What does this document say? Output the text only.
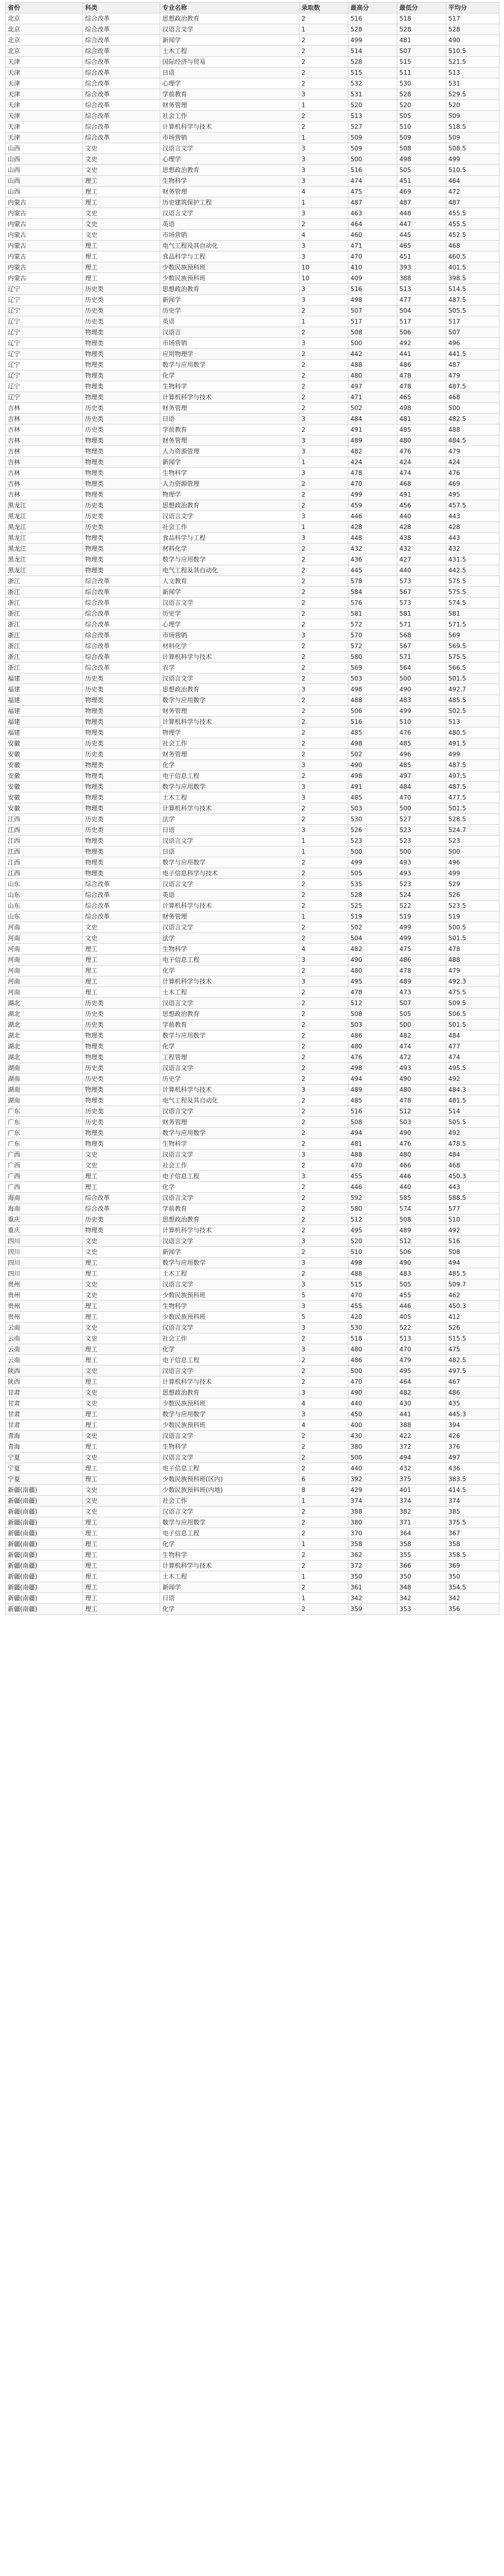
省份	科类	专业名称	录取数	最高分	最低分	平均分
北京	综合改革	思想政治教育	2	516	518	517
北京	综合改革	汉语言文学	1	528	528	528
北京	综合改革	新闻学	2	499	481	490
北京	综合改革	土木工程	2	514	507	510.5
天津	综合改革	国际经济与贸易	2	528	515	521.5
天津	综合改革	日语	2	515	511	513
天津	综合改革	心理学	2	532	530	531
天津	综合改革	学前教育	3	531	528	529.5
天津	综合改革	财务管理	1	520	520	520
天津	综合改革	社会工作	2	513	505	509
天津	综合改革	计算机科学与技术	2	527	510	518.5
天津	综合改革	市场营销	1	509	509	509
山西	文史	汉语言文学	3	509	508	508.5
山西	文史	心理学	3	500	498	499
山西	文史	思想政治教育	3	516	505	510.5
山西	理工	生物科学	3	474	451	464
山西	理工	财务管理	4	475	469	472
内蒙古	理工	历史建筑保护工程	1	487	487	487
内蒙古	文史	汉语言文学	3	463	448	455.5
内蒙古	文史	英语	2	464	447	455.5
内蒙古	文史	市场营销	4	460	445	452.5
内蒙古	理工	电气工程及其自动化	3	471	465	468
内蒙古	理工	食品科学与工程	3	470	451	460.5
内蒙古	理工	少数民族预科班	10	410	393	401.5
内蒙古	理工	少数民族预科班	10	409	388	398.5
辽宁	历史类	思想政治教育	3	516	513	514.5
辽宁	历史类	新闻学	3	498	477	487.5
辽宁	历史类	历史学	2	507	504	505.5
辽宁	历史类	英语	1	517	517	517
辽宁	物理类	汉语言	2	508	506	507
辽宁	物理类	市场营销	3	500	492	496
辽宁	物理类	应用物理学	2	442	441	441.5
辽宁	物理类	数学与应用数学	2	488	486	487
辽宁	物理类	化学	2	480	478	479
辽宁	物理类	生物科学	2	497	478	487.5
辽宁	物理类	计算机科学与技术	2	471	465	468
吉林	历史类	财务管理	2	502	498	500
吉林	历史类	日语	3	484	481	482.5
吉林	历史类	学前教育	2	491	485	488
吉林	物理类	财务管理	3	489	480	484.5
吉林	物理类	人力资源管理	3	482	476	479
吉林	物理类	新闻学	1	424	424	424
吉林	物理类	生物科学	3	478	474	476
吉林	物理类	人力资源管理	2	470	468	469
吉林	物理类	物理学	2	499	491	495
黑龙江	历史类	思想政治教育	2	459	456	457.5
黑龙江	历史类	汉语言文学	3	446	440	443
黑龙江	历史类	社会工作	1	428	428	428
黑龙江	物理类	食品科学与工程	3	448	438	443
黑龙江	物理类	材料化学	2	432	432	432
黑龙江	物理类	数学与应用数学	2	436	427	431.5
黑龙江	物理类	电气工程及其自动化	2	445	440	442.5
浙江	综合改革	人文教育	2	578	573	575.5
浙江	综合改革	新闻学	2	584	567	575.5
浙江	综合改革	汉语言文学	2	576	573	574.5
浙江	综合改革	历史学	2	581	581	581
浙江	综合改革	心理学	2	572	571	571.5
浙江	综合改革	市场营销	3	570	568	569
浙江	综合改革	材料化学	2	572	567	569.5
浙江	综合改革	计算机科学与技术	2	580	571	575.5
浙江	综合改革	农学	2	569	564	566.5
福建	历史类	汉语言文学	2	503	500	501.5
福建	历史类	思想政治教育	3	498	490	492.7
福建	物理类	数学与应用数学	2	488	483	485.5
福建	物理类	财务管理	2	506	499	502.5
福建	物理类	计算机科学与技术	2	516	510	513
福建	物理类	物理学	2	485	476	480.5
安徽	历史类	社会工作	2	498	485	491.5
安徽	历史类	财务管理	2	502	496	499
安徽	物理类	化学	3	490	485	487.5
安徽	物理类	电子信息工程	2	498	497	497.5
安徽	物理类	数学与应用数学	3	491	484	487.5
安徽	物理类	土木工程	3	485	470	477.5
安徽	物理类	计算机科学与技术	2	503	500	501.5
江西	历史类	法学	2	530	527	528.5
江西	历史类	日语	3	526	523	524.7
江西	物理类	汉语言文学	1	523	523	523
江西	物理类	日语	1	500	500	500
江西	物理类	数学与应用数学	2	499	493	496
江西	物理类	电子信息科学与技术	2	505	493	499
山东	综合改革	汉语言文学	2	535	523	529
山东	综合改革	英语	2	528	524	526
山东	综合改革	计算机科学与技术	2	525	522	523.5
山东	综合改革	财务管理	1	519	519	519
河南	文史	汉语言文学	2	502	499	500.5
河南	文史	法学	2	504	499	501.5
河南	理工	生物科学	4	482	475	478
河南	理工	电子信息工程	3	490	486	488
河南	理工	化学	2	480	478	479
河南	理工	计算机科学与技术	3	495	489	492.3
河南	理工	土木工程	2	478	473	475.5
湖北	历史类	汉语言文学	2	512	507	509.5
湖北	历史类	思想政治教育	2	508	505	506.5
湖北	历史类	学前教育	2	503	500	501.5
湖北	物理类	数学与应用数学	2	486	482	484
湖北	物理类	化学	2	480	474	477
湖北	物理类	工程管理	2	476	472	474
湖南	历史类	汉语言文学	2	498	493	495.5
湖南	历史类	历史学	2	494	490	492
湖南	物理类	计算机科学与技术	3	489	480	484.3
湖南	物理类	电气工程及其自动化	2	485	478	481.5
广东	历史类	汉语言文学	2	516	512	514
广东	历史类	财务管理	2	508	503	505.5
广东	物理类	数学与应用数学	2	494	490	492
广东	物理类	生物科学	2	481	476	478.5
广西	文史	汉语言文学	3	488	480	484
广西	文史	社会工作	2	470	466	468
广西	理工	电子信息工程	3	455	446	450.3
广西	理工	化学	2	446	440	443
海南	综合改革	汉语言文学	2	592	585	588.5
海南	综合改革	学前教育	2	580	574	577
重庆	历史类	思想政治教育	2	512	508	510
重庆	物理类	计算机科学与技术	2	495	489	492
四川	文史	汉语言文学	3	520	512	516
四川	文史	新闻学	2	510	506	508
四川	理工	数学与应用数学	3	498	490	494
四川	理工	土木工程	2	488	483	485.5
贵州	文史	汉语言文学	3	515	505	509.7
贵州	文史	少数民族预科班	5	470	455	462
贵州	理工	生物科学	3	455	446	450.3
贵州	理工	少数民族预科班	5	420	405	412
云南	文史	汉语言文学	3	530	522	526
云南	文史	社会工作	2	518	513	515.5
云南	理工	化学	3	480	470	475
云南	理工	电子信息工程	2	486	479	482.5
陕西	文史	汉语言文学	2	500	495	497.5
陕西	理工	计算机科学与技术	2	470	464	467
甘肃	文史	思想政治教育	3	490	482	486
甘肃	文史	少数民族预科班	4	440	430	435
甘肃	理工	数学与应用数学	3	450	441	445.3
甘肃	理工	少数民族预科班	4	400	388	394
青海	文史	汉语言文学	2	430	422	426
青海	理工	生物科学	2	380	372	376
宁夏	文史	汉语言文学	2	500	494	497
宁夏	理工	电子信息工程	2	440	432	436
宁夏	理工	少数民族预科班(区内)	6	392	375	383.5
新疆(南疆)	文史	少数民族预科班(内地)	8	429	401	414.5
新疆(南疆)	文史	社会工作	1	374	374	374
新疆(南疆)	文史	汉语言文学	2	388	382	385
新疆(南疆)	理工	数学与应用数学	2	380	371	375.5
新疆(南疆)	理工	电子信息工程	2	370	364	367
新疆(南疆)	理工	化学	1	358	358	358
新疆(南疆)	理工	生物科学	2	362	355	358.5
新疆(南疆)	理工	计算机科学与技术	2	372	366	369
新疆(南疆)	理工	土木工程	1	350	350	350
新疆(南疆)	理工	新闻学	2	361	348	354.5
新疆(南疆)	理工	日语	1	342	342	342
新疆(南疆)	理工	化学	2	359	353	356
